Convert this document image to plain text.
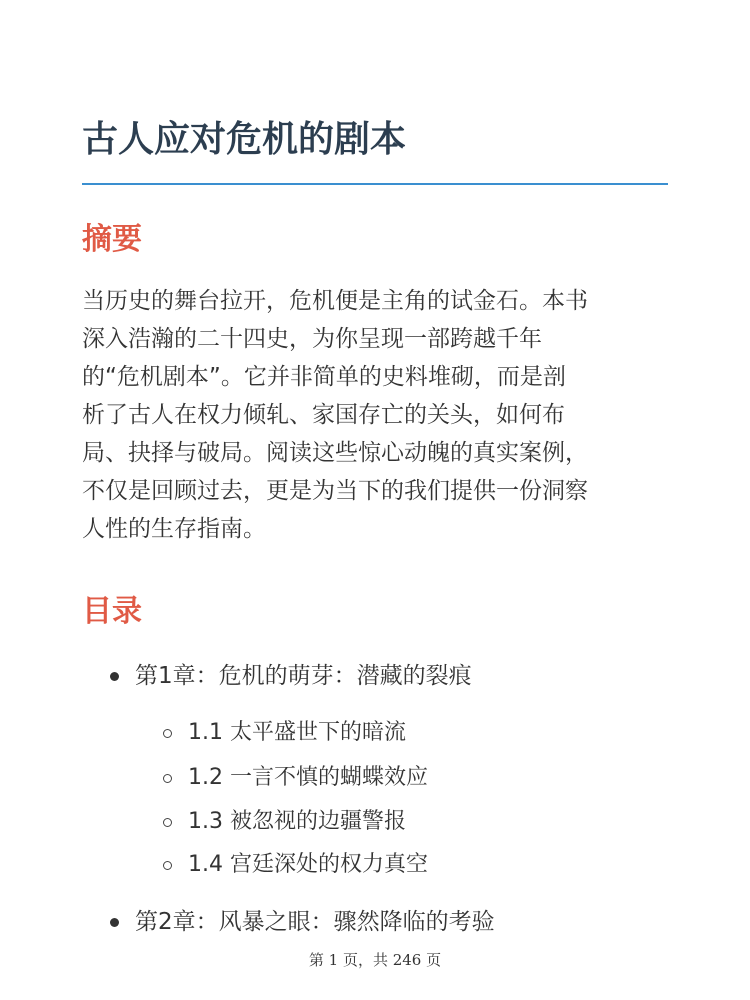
古人应对危机的剧本
摘要

当历史的舞台拉开，危机便是主角的试金石。本书
深入浩瀚的二十四史，为你呈现一部跨越千年
的“危机剧本”。它并非简单的史料堆砌，而是剖
析了古人在权力倾轧、家国存亡的关头，如何布
局、抉择与破局。阅读这些惊心动魄的真实案例，
不仅是回顾过去，更是为当下的我们提供一份洞察
人性的生存指南。

目录
第1章：危机的萌芽：潜藏的裂痕
1.1 太平盛世下的暗流
1.2 一言不慎的蝴蝶效应
1.3 被忽视的边疆警报
1.4 宫廷深处的权力真空
第2章：风暴之眼：骤然降临的考验
第 1 页，共 246 页
